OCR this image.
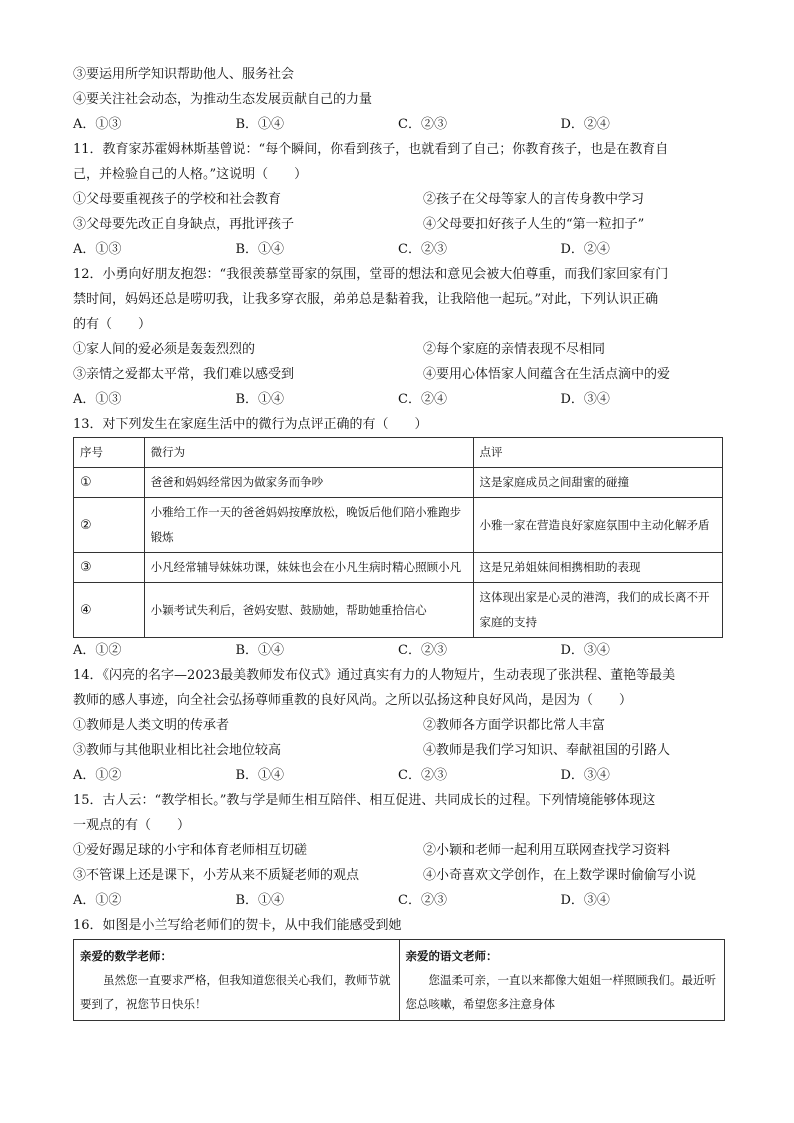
③要运用所学知识帮助他人、服务社会
④要关注社会动态，为推动生态发展贡献自己的力量
A．①③	B．①④	C．②③	D．②④
11．教育家苏霍姆林斯基曾说：“每个瞬间，你看到孩子，也就看到了自己；你教育孩子，也是在教育自
己，并检验自己的人格。”这说明（　　）
①父母要重视孩子的学校和社会教育	②孩子在父母等家人的言传身教中学习
③父母要先改正自身缺点，再批评孩子	④父母要扣好孩子人生的“第一粒扣子”
A．①③	B．①④	C．②③	D．②④
12．小勇向好朋友抱怨：“我很羡慕堂哥家的氛围，堂哥的想法和意见会被大伯尊重，而我们家回家有门
禁时间，妈妈还总是唠叨我，让我多穿衣服，弟弟总是黏着我，让我陪他一起玩。”对此，下列认识正确
的有（　　）
①家人间的爱必须是轰轰烈烈的	②每个家庭的亲情表现不尽相同
③亲情之爱都太平常，我们难以感受到	④要用心体悟家人间蕴含在生活点滴中的爱
A．①③	B．①④	C．②④	D．③④
13．对下列发生在家庭生活中的微行为点评正确的有（　　）
序号	微行为	点评
①	爸爸和妈妈经常因为做家务而争吵	这是家庭成员之间甜蜜的碰撞
②	小雅给工作一天的爸爸妈妈按摩放松，晚饭后他们陪小雅跑步锻炼	小雅一家在营造良好家庭氛围中主动化解矛盾
③	小凡经常辅导妹妹功课，妹妹也会在小凡生病时精心照顾小凡	这是兄弟姐妹间相携相助的表现
④	小颖考试失利后，爸妈安慰、鼓励她，帮助她重拾信心	这体现出家是心灵的港湾，我们的成长离不开家庭的支持
A．①②	B．①④	C．②③	D．③④
14．《闪亮的名字—2023最美教师发布仪式》通过真实有力的人物短片，生动表现了张洪程、董艳等最美
教师的感人事迹，向全社会弘扬尊师重教的良好风尚。之所以弘扬这种良好风尚，是因为（　　）
①教师是人类文明的传承者	②教师各方面学识都比常人丰富
③教师与其他职业相比社会地位较高	④教师是我们学习知识、奉献祖国的引路人
A．①②	B．①④	C．②③	D．③④
15．古人云：“教学相长。”教与学是师生相互陪伴、相互促进、共同成长的过程。下列情境能够体现这
一观点的有（　　）
①爱好踢足球的小宇和体育老师相互切磋	②小颖和老师一起利用互联网查找学习资料
③不管课上还是课下，小芳从来不质疑老师的观点	④小奇喜欢文学创作，在上数学课时偷偷写小说
A．①②	B．①④	C．②③	D．③④
16．如图是小兰写给老师们的贺卡，从中我们能感受到她
亲爱的数学老师：
虽然您一直要求严格，但我知道您很关心我们，教师节就要到了，祝您节日快乐！
亲爱的语文老师：
您温柔可亲，一直以来都像大姐姐一样照顾我们。最近听您总咳嗽，希望您多注意身体
